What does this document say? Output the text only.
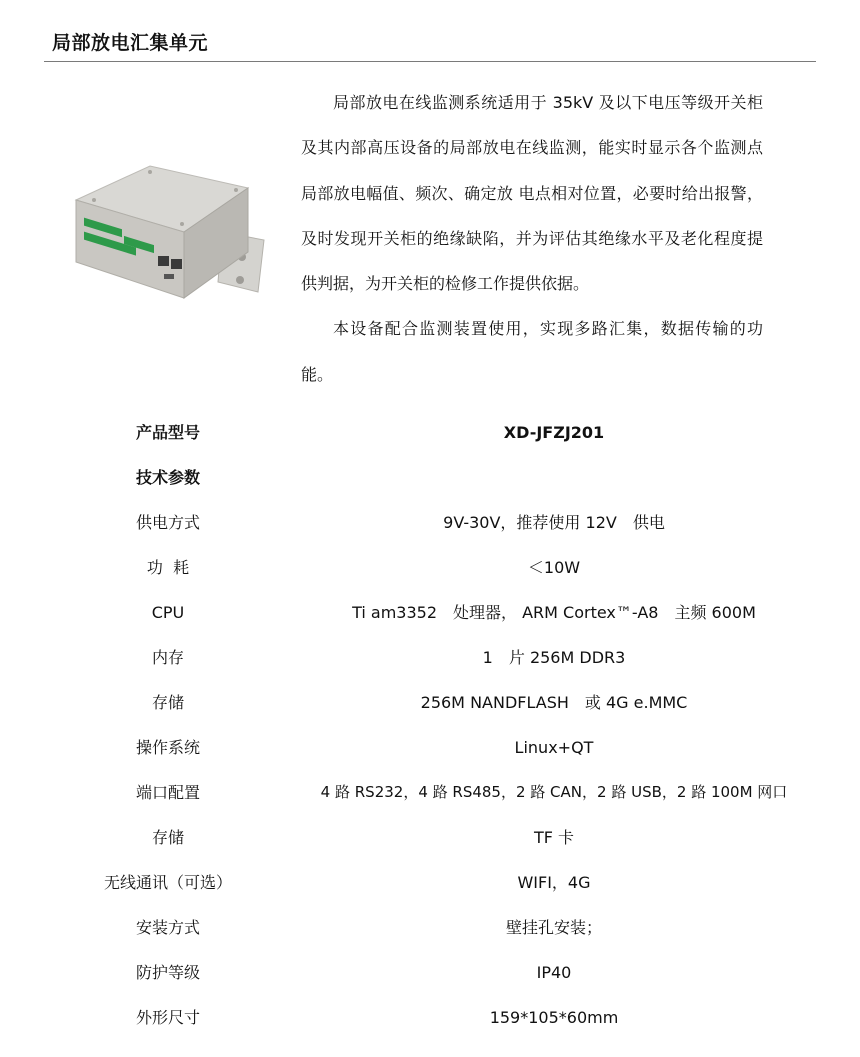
局部放电汇集单元

局部放电在线监测系统适用于 35kV 及以下电压等级开关柜及其内部高压设备的局部放电在线监测，能实时显示各个监测点局部放电幅值、频次、确定放 电点相对位置，必要时给出报警，及时发现开关柜的绝缘缺陷，并为评估其绝缘水平及老化程度提供判据，为开关柜的检修工作提供依据。

本设备配合监测装置使用，实现多路汇集，数据传输的功能。

产品型号	XD-JFZJ201
技术参数
供电方式	9V-30V，推荐使用 12V　供电
功  耗	＜10W
CPU	Ti am3352　处理器， ARM Cortex™-A8　主频 600M
内存	1　片 256M DDR3
存储	256M NANDFLASH　或 4G e.MMC
操作系统	Linux+QT
端口配置	4 路 RS232，4 路 RS485，2 路 CAN，2 路 USB，2 路 100M 网口
存储	TF 卡
无线通讯（可选）	WIFI，4G
安装方式	壁挂孔安装；
防护等级	IP40
外形尺寸	159*105*60mm
